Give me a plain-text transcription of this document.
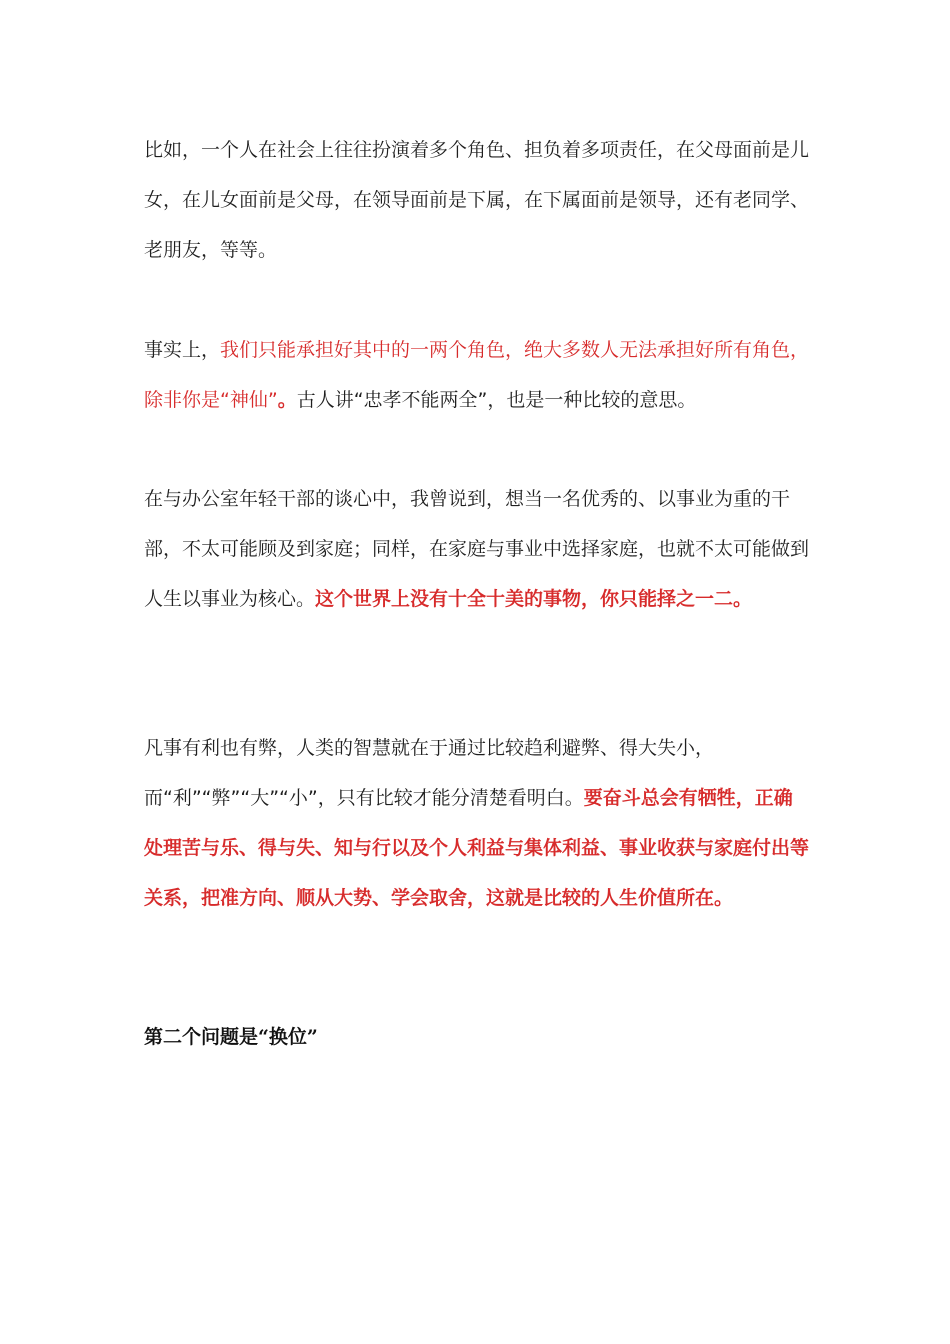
比如，一个人在社会上往往扮演着多个角色、担负着多项责任，在父母面前是儿女，在儿女面前是父母，在领导面前是下属，在下属面前是领导，还有老同学、老朋友，等等。

事实上，我们只能承担好其中的一两个角色，绝大多数人无法承担好所有角色，除非你是“神仙”。古人讲“忠孝不能两全”，也是一种比较的意思。

在与办公室年轻干部的谈心中，我曾说到，想当一名优秀的、以事业为重的干部，不太可能顾及到家庭；同样，在家庭与事业中选择家庭，也就不太可能做到人生以事业为核心。这个世界上没有十全十美的事物，你只能择之一二。

凡事有利也有弊，人类的智慧就在于通过比较趋利避弊、得大失小，而“利”“弊”“大”“小”，只有比较才能分清楚看明白。要奋斗总会有牺牲，正确处理苦与乐、得与失、知与行以及个人利益与集体利益、事业收获与家庭付出等关系，把准方向、顺从大势、学会取舍，这就是比较的人生价值所在。

第二个问题是“换位”
